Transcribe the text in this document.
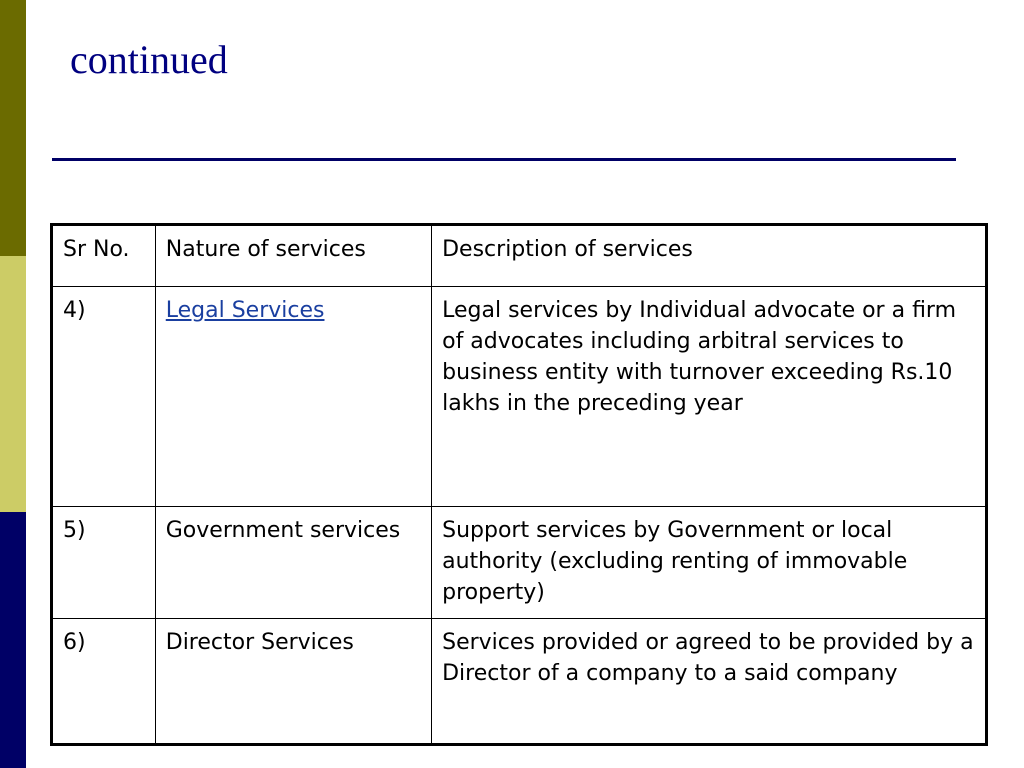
continued
Sr No.	Nature of services	Description of services
4)	Legal Services	Legal services by Individual advocate or a firm of advocates including arbitral services to business entity with turnover exceeding Rs.10 lakhs in the preceding year
5)	Government services	Support services by Government or local authority (excluding renting of immovable property)
6)	Director Services	Services provided or agreed to be provided by a Director of a company to a said company
